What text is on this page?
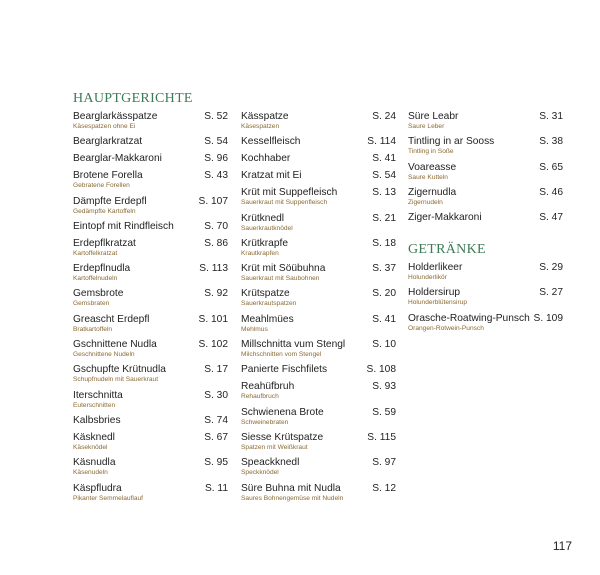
HAUPTGERICHTE
Bearglarkässpatze	S. 52
Käsespatzen ohne Ei
Bearglarkratzat	S. 54
Bearglar-Makkaroni	S. 96
Brotene Forella	S. 43
Gebratene Forellen
Dämpfte Erdepfl	S. 107
Gedämpfte Kartoffeln
Eintopf mit Rindfleisch	S. 70
Erdepflkratzat	S. 86
Kartoffelkratzat
Erdepflnudla	S. 113
Kartoffelnudeln
Gemsbrote	S. 92
Gemsbraten
Greascht Erdepfl	S. 101
Bratkartoffeln
Gschnittene Nudla	S. 102
Geschnittene Nudeln
Gschupfte Krütnudla	S. 17
Schupfnudeln mit Sauerkraut
Iterschnitta	S. 30
Euterschnitten
Kalbsbries	S. 74
Käsknedl	S. 67
Käseknödel
Käsnudla	S. 95
Käsenudeln
Käspfludra	S. 11
Pikanter Semmelauflauf
Kässpatze	S. 24
Käsespatzen
Kesselfleisch	S. 114
Kochhaber	S. 41
Kratzat mit Ei	S. 54
Krüt mit Suppefleisch	S. 13
Sauerkraut mit Suppenfleisch
Krütknedl	S. 21
Sauerkrautknödel
Krütkrapfe	S. 18
Krautkrapfen
Krüt mit Söübuhna	S. 37
Sauerkraut mit Saubohnen
Krütspatze	S. 20
Sauerkrautspatzen
Meahlmües	S. 41
Mehlmus
Millschnitta vum Stengl	S. 10
Milchschnitten vom Stengel
Panierte Fischfilets	S. 108
Reahüfbruh	S. 93
Rehaufbruch
Schwienena Brote	S. 59
Schweinebraten
Siesse Krütspatze	S. 115
Spatzen mit Weißkraut
Speackknedl	S. 97
Speckknödel
Süre Buhna mit Nudla	S. 12
Saures Bohnengemüse mit Nudeln
Süre Leabr	S. 31
Saure Leber
Tintling in ar Sooss	S. 38
Tintling in Soße
Voareasse	S. 65
Saure Kutteln
Zigernudla	S. 46
Zigernudeln
Ziger-Makkaroni	S. 47
GETRÄNKE
Holderlikeer	S. 29
Holunderlikör
Holdersirup	S. 27
Holunderblütensirup
Orasche-Roatwing-Punsch S. 109
Orangen-Rotwein-Punsch
117
